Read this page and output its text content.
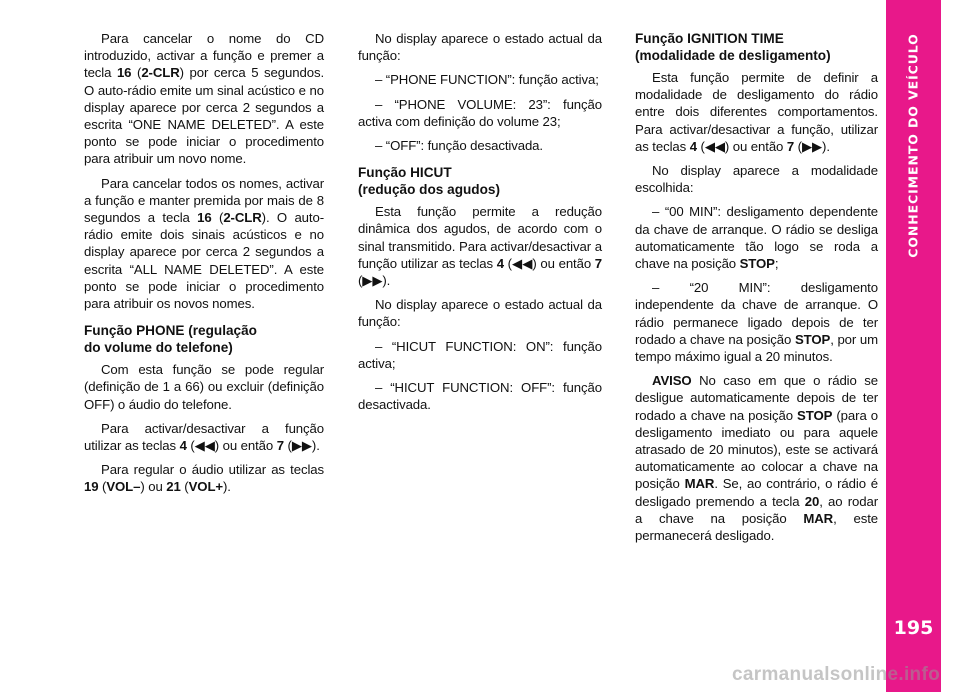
Para cancelar o nome do CD introduzido, activar a função e premer a tecla 16 (2-CLR) por cerca 5 segundos. O auto-rádio emite um sinal acústico e no display aparece por cerca 2 segundos a escrita “ONE NAME DELETED”. A este ponto se pode iniciar o procedimento para atribuir um novo nome.

Para cancelar todos os nomes, activar a função e manter premida por mais de 8 segundos a tecla 16 (2-CLR). O auto-rádio emite dois sinais acústicos e no display aparece por cerca 2 segundos a escrita “ALL NAME DELETED”. A este ponto se pode iniciar o procedimento para atribuir os novos nomes.

Função PHONE (regulação
do volume do telefone)

Com esta função se pode regular (definição de 1 a 66) ou excluir (definição OFF) o áudio do telefone.

Para activar/desactivar a função utilizar as teclas 4 (◀◀) ou então 7 (▶▶).

Para regular o áudio utilizar as teclas 19 (VOL–) ou 21 (VOL+).

No display aparece o estado actual da função:

– “PHONE FUNCTION”: função activa;

– “PHONE VOLUME: 23”: função activa com definição do volume 23;

– “OFF”: função desactivada.

Função HICUT
(redução dos agudos)

Esta função permite a redução dinâmica dos agudos, de acordo com o sinal transmitido. Para activar/desactivar a função utilizar as teclas 4 (◀◀) ou então 7 (▶▶).

No display aparece o estado actual da função:

– “HICUT FUNCTION: ON”: função activa;

– “HICUT FUNCTION: OFF”: função desactivada.

Função IGNITION TIME
(modalidade de desligamento)

Esta função permite de definir a modalidade de desligamento do rádio entre dois diferentes comportamentos. Para activar/desactivar a função, utilizar as teclas 4 (◀◀) ou então 7 (▶▶).

No display aparece a modalidade escolhida:

– “00 MIN”: desligamento dependente da chave de arranque. O rádio se desliga automaticamente tão logo se roda a chave na posição STOP;

– “20 MIN”: desligamento independente da chave de arranque. O rádio permanece ligado depois de ter rodado a chave na posição STOP, por um tempo máximo igual a 20 minutos.

AVISO No caso em que o rádio se desligue automaticamente depois de ter rodado a chave na posição STOP (para o desligamento imediato ou para aquele atrasado de 20 minutos), este se activará automaticamente ao colocar a chave na posição MAR. Se, ao contrário, o rádio é desligado premendo a tecla 20, ao rodar a chave na posição MAR, este permanecerá desligado.

CONHECIMENTO DO VEÍCULO
195
carmanualsonline.info
